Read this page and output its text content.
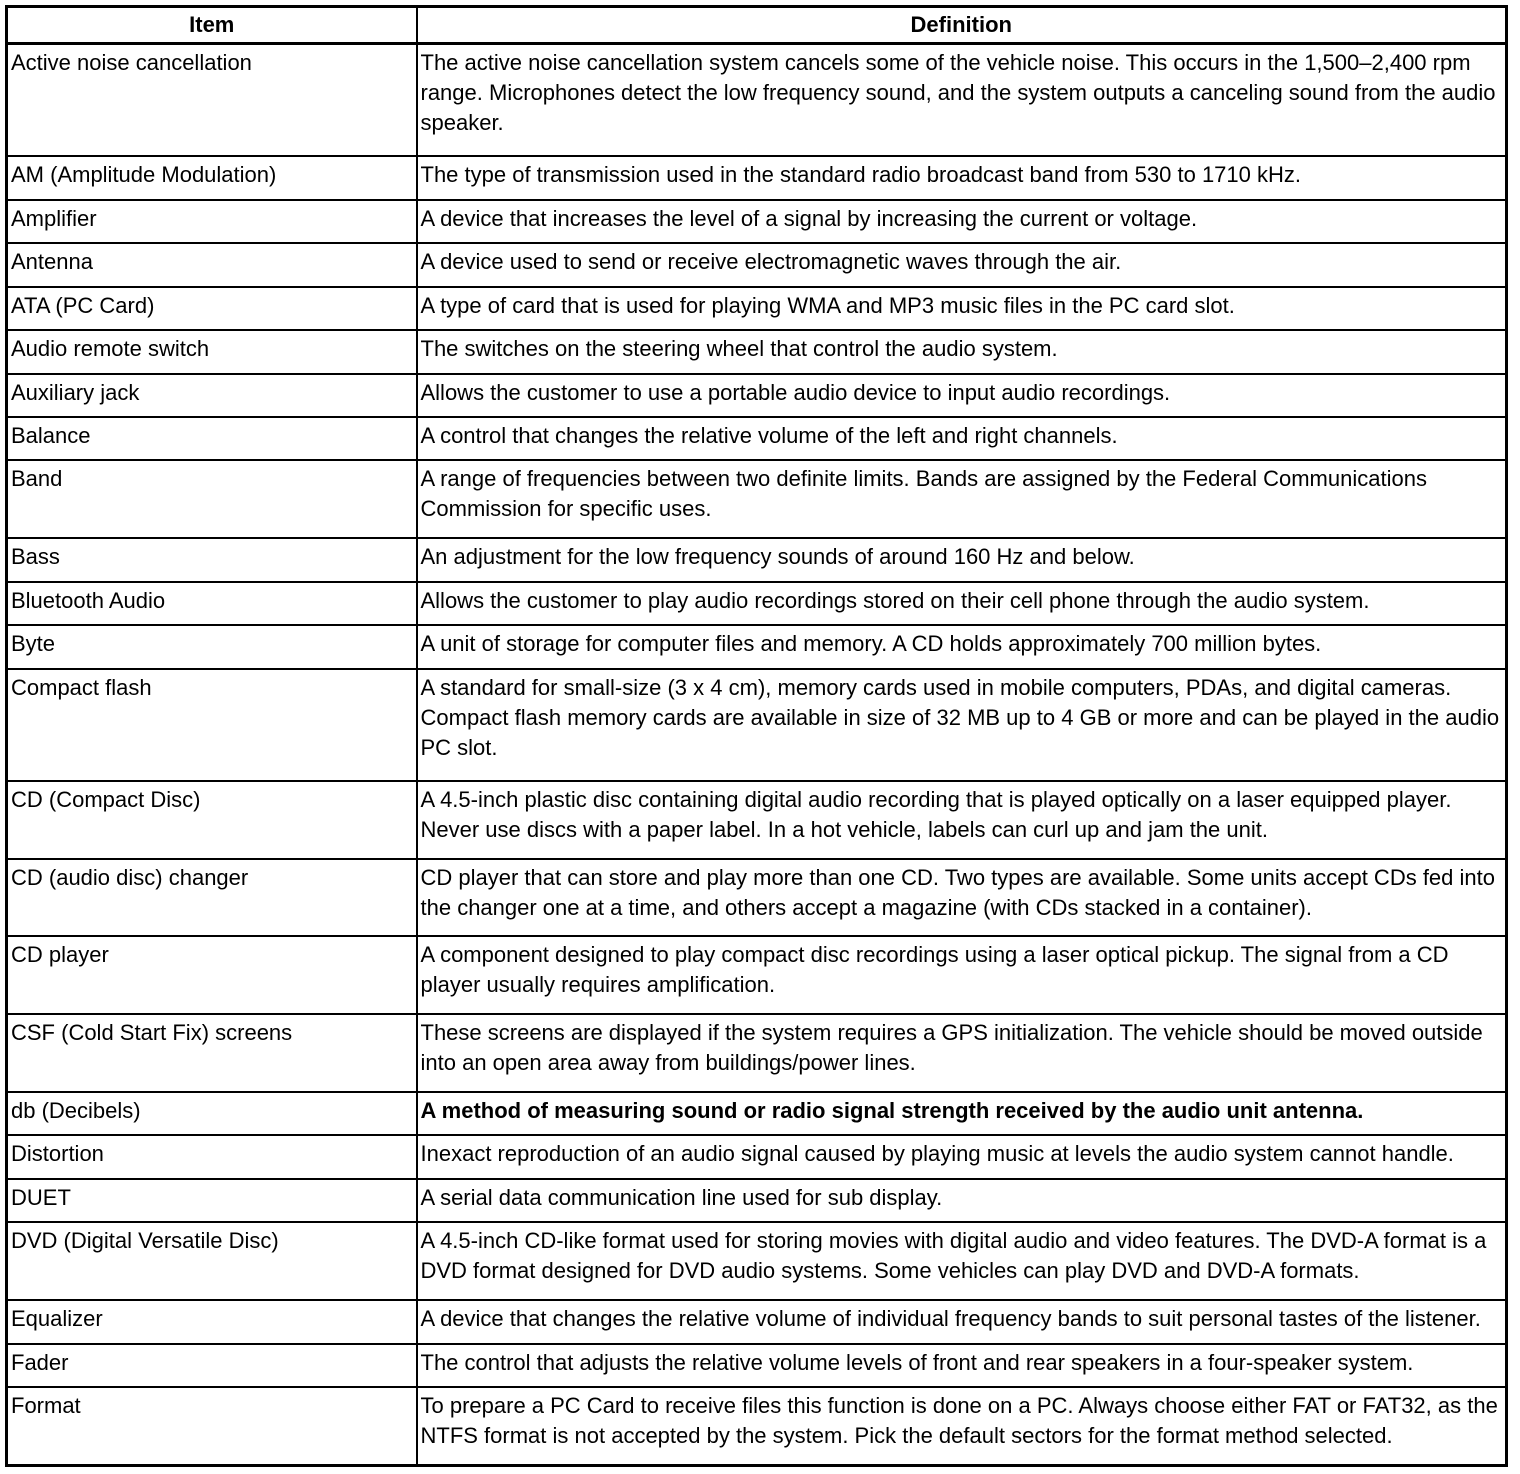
Item	Definition
Active noise cancellation	The active noise cancellation system cancels some of the vehicle noise. This occurs in the 1,500–2,400 rpm range. Microphones detect the low frequency sound, and the system outputs a canceling sound from the audio speaker.
AM (Amplitude Modulation)	The type of transmission used in the standard radio broadcast band from 530 to 1710 kHz.
Amplifier	A device that increases the level of a signal by increasing the current or voltage.
Antenna	A device used to send or receive electromagnetic waves through the air.
ATA (PC Card)	A type of card that is used for playing WMA and MP3 music files in the PC card slot.
Audio remote switch	The switches on the steering wheel that control the audio system.
Auxiliary jack	Allows the customer to use a portable audio device to input audio recordings.
Balance	A control that changes the relative volume of the left and right channels.
Band	A range of frequencies between two definite limits. Bands are assigned by the Federal Communications Commission for specific uses.
Bass	An adjustment for the low frequency sounds of around 160 Hz and below.
Bluetooth Audio	Allows the customer to play audio recordings stored on their cell phone through the audio system.
Byte	A unit of storage for computer files and memory. A CD holds approximately 700 million bytes.
Compact flash	A standard for small-size (3 x 4 cm), memory cards used in mobile computers, PDAs, and digital cameras. Compact flash memory cards are available in size of 32 MB up to 4 GB or more and can be played in the audio PC slot.
CD (Compact Disc)	A 4.5-inch plastic disc containing digital audio recording that is played optically on a laser equipped player. Never use discs with a paper label. In a hot vehicle, labels can curl up and jam the unit.
CD (audio disc) changer	CD player that can store and play more than one CD. Two types are available. Some units accept CDs fed into the changer one at a time, and others accept a magazine (with CDs stacked in a container).
CD player	A component designed to play compact disc recordings using a laser optical pickup. The signal from a CD player usually requires amplification.
CSF (Cold Start Fix) screens	These screens are displayed if the system requires a GPS initialization. The vehicle should be moved outside into an open area away from buildings/power lines.
db (Decibels)	A method of measuring sound or radio signal strength received by the audio unit antenna.
Distortion	Inexact reproduction of an audio signal caused by playing music at levels the audio system cannot handle.
DUET	A serial data communication line used for sub display.
DVD (Digital Versatile Disc)	A 4.5-inch CD-like format used for storing movies with digital audio and video features. The DVD-A format is a DVD format designed for DVD audio systems. Some vehicles can play DVD and DVD-A formats.
Equalizer	A device that changes the relative volume of individual frequency bands to suit personal tastes of the listener.
Fader	The control that adjusts the relative volume levels of front and rear speakers in a four-speaker system.
Format	To prepare a PC Card to receive files this function is done on a PC. Always choose either FAT or FAT32, as the NTFS format is not accepted by the system. Pick the default sectors for the format method selected.
